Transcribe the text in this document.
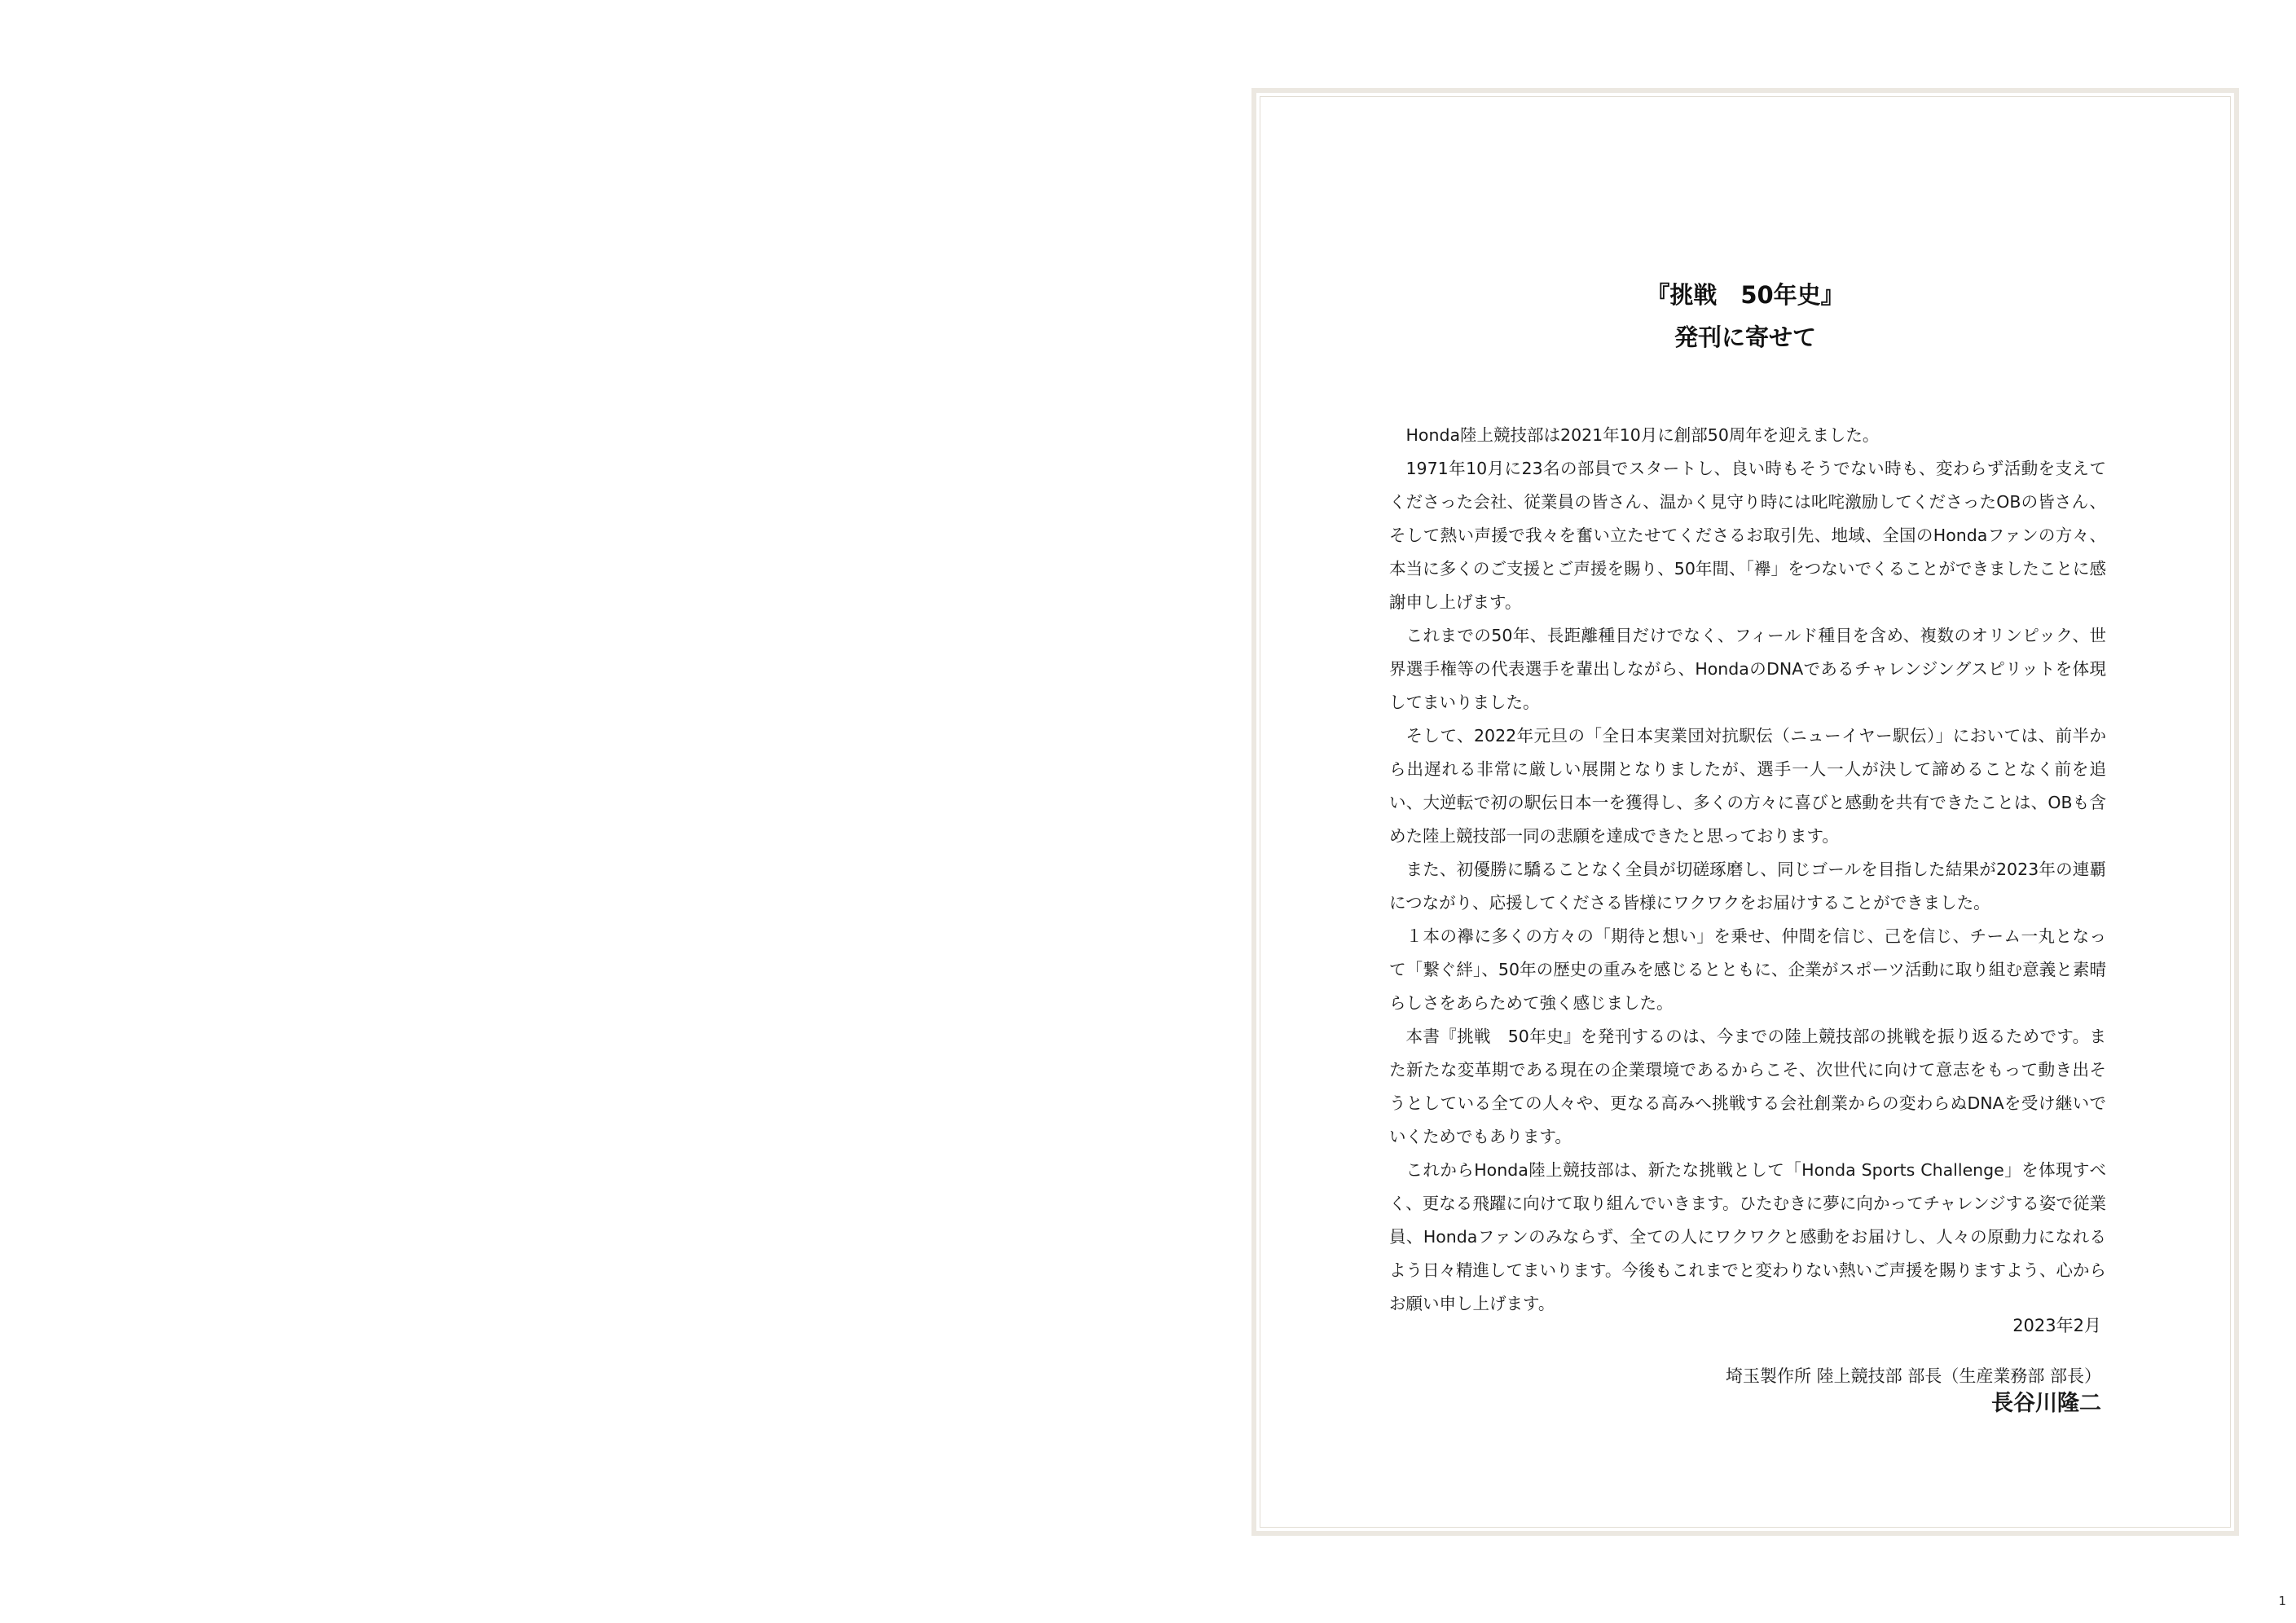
『挑戦　50年史』
発刊に寄せて

Honda陸上競技部は2021年10月に創部50周年を迎えました。

1971年10月に23名の部員でスタートし、良い時もそうでない時も、変わらず活動を支えてくださった会社、従業員の皆さん、温かく見守り時には叱咤激励してくださったOBの皆さん、そして熱い声援で我々を奮い立たせてくださるお取引先、地域、全国のHondaファンの方々、本当に多くのご支援とご声援を賜り、50年間、「襷」をつないでくることができましたことに感謝申し上げます。

これまでの50年、長距離種目だけでなく、フィールド種目を含め、複数のオリンピック、世界選手権等の代表選手を輩出しながら、HondaのDNAであるチャレンジングスピリットを体現してまいりました。

そして、2022年元旦の「全日本実業団対抗駅伝（ニューイヤー駅伝）」においては、前半から出遅れる非常に厳しい展開となりましたが、選手一人一人が決して諦めることなく前を追い、大逆転で初の駅伝日本一を獲得し、多くの方々に喜びと感動を共有できたことは、OBも含めた陸上競技部一同の悲願を達成できたと思っております。

また、初優勝に驕ることなく全員が切磋琢磨し、同じゴールを目指した結果が2023年の連覇につながり、応援してくださる皆様にワクワクをお届けすることができました。

１本の襷に多くの方々の「期待と想い」を乗せ、仲間を信じ、己を信じ、チーム一丸となって「繋ぐ絆」、50年の歴史の重みを感じるとともに、企業がスポーツ活動に取り組む意義と素晴らしさをあらためて強く感じました。

本書『挑戦　50年史』を発刊するのは、今までの陸上競技部の挑戦を振り返るためです。また新たな変革期である現在の企業環境であるからこそ、次世代に向けて意志をもって動き出そうとしている全ての人々や、更なる高みへ挑戦する会社創業からの変わらぬDNAを受け継いでいくためでもあります。

これからHonda陸上競技部は、新たな挑戦として「Honda Sports Challenge」を体現すべく、更なる飛躍に向けて取り組んでいきます。ひたむきに夢に向かってチャレンジする姿で従業員、Hondaファンのみならず、全ての人にワクワクと感動をお届けし、人々の原動力になれるよう日々精進してまいります。今後もこれまでと変わりない熱いご声援を賜りますよう、心からお願い申し上げます。

2023年2月
埼玉製作所 陸上競技部 部長（生産業務部 部長）
長谷川隆二
1
